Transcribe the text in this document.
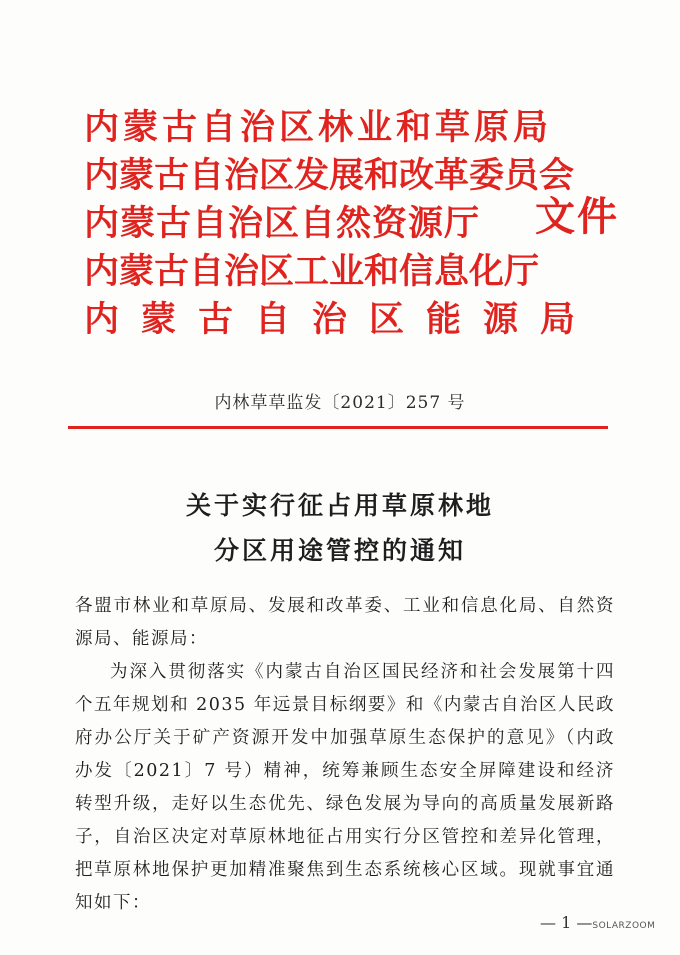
内蒙古自治区林业和草原局
内蒙古自治区发展和改革委员会
内蒙古自治区自然资源厅
内蒙古自治区工业和信息化厅
内蒙古自治区能源局
文件
内林草草监发〔2021〕257 号
关于实行征占用草原林地
分区用途管控的通知

各盟市林业和草原局、发展和改革委、工业和信息化局、自然资源局、能源局：

为深入贯彻落实《内蒙古自治区国民经济和社会发展第十四个五年规划和 2035 年远景目标纲要》和《内蒙古自治区人民政府办公厅关于矿产资源开发中加强草原生态保护的意见》（内政办发〔2021〕7 号）精神，统筹兼顾生态安全屏障建设和经济转型升级，走好以生态优先、绿色发展为导向的高质量发展新路子，自治区决定对草原林地征占用实行分区管控和差异化管理，把草原林地保护更加精准聚焦到生态系统核心区域。现就事宜通知如下：

— 1 —SOLARZOOM
